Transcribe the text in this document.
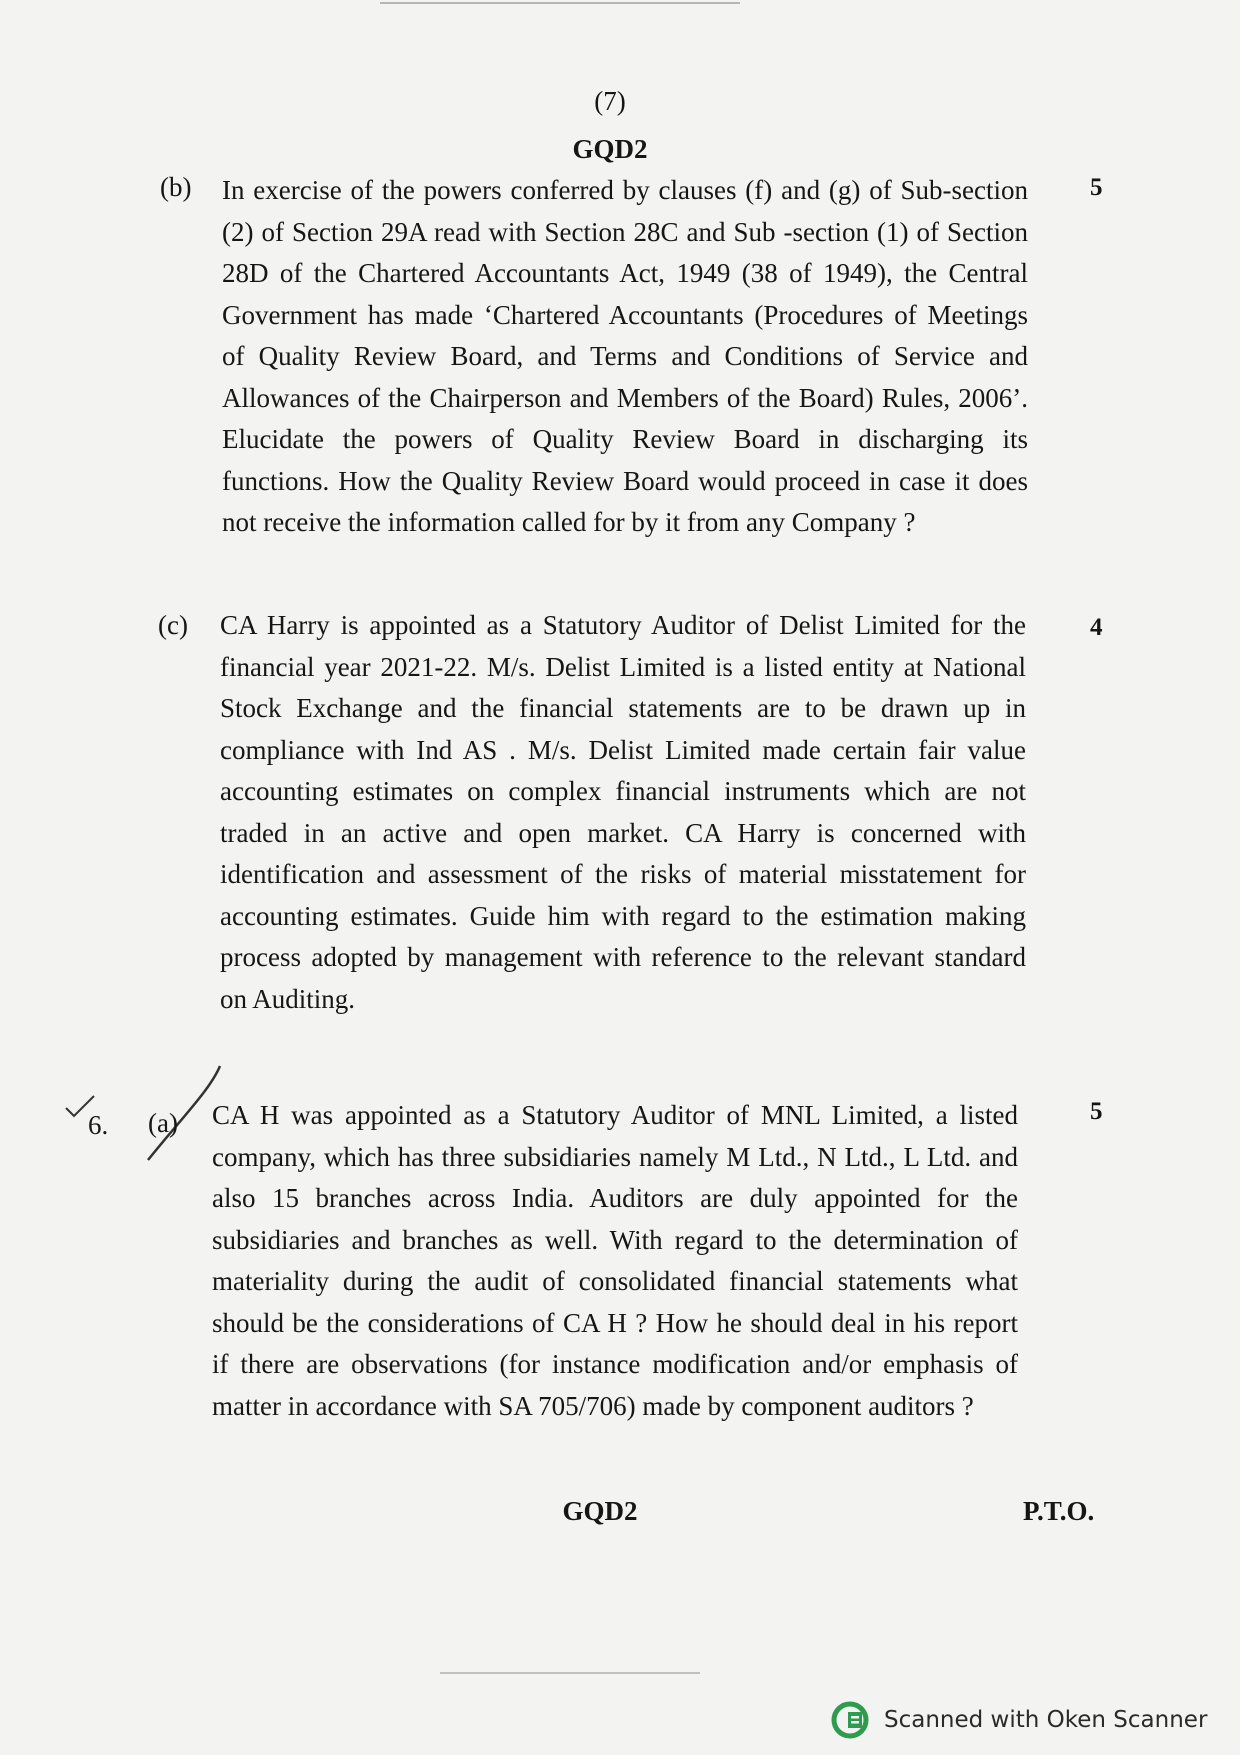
(7)
GQD2
(b) In exercise of the powers conferred by clauses (f) and (g) of Sub-section (2) of Section 29A read with Section 28C and Sub -section (1) of Section 28D of the Chartered Accountants Act, 1949 (38 of 1949), the Central Government has made ‘Chartered Accountants (Procedures of Meetings of Quality Review Board, and Terms and Conditions of Service and Allowances of the Chairperson and Members of the Board) Rules, 2006’. Elucidate the powers of Quality Review Board in discharging its functions. How the Quality Review Board would proceed in case it does not receive the information called for by it from any Company ?
5
(c) CA Harry is appointed as a Statutory Auditor of Delist Limited for the financial year 2021-22. M/s. Delist Limited is a listed entity at National Stock Exchange and the financial statements are to be drawn up in compliance with Ind AS . M/s. Delist Limited made certain fair value accounting estimates on complex financial instruments which are not traded in an active and open market. CA Harry is concerned with identification and assessment of the risks of material misstatement for accounting estimates. Guide him with regard to the estimation making process adopted by management with reference to the relevant standard on Auditing.
4
6. (a) CA H was appointed as a Statutory Auditor of MNL Limited, a listed company, which has three subsidiaries namely M Ltd., N Ltd., L Ltd. and also 15 branches across India. Auditors are duly appointed for the subsidiaries and branches as well. With regard to the determination of materiality during the audit of consolidated financial statements what should be the considerations of CA H ? How he should deal in his report if there are observations (for instance modification and/or emphasis of matter in accordance with SA 705/706) made by component auditors ?
5
GQD2	P.T.O.
Scanned with Oken Scanner
